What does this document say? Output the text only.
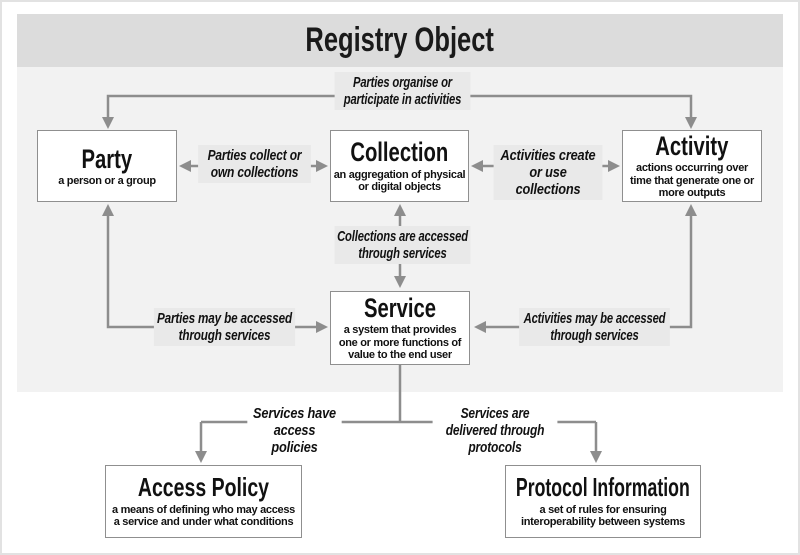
Registry Object
Parties organise or participate in activities
Parties collect or own collections
Activities create or use collections
Collections are accessed through services
Parties may be accessed through services
Activities may be accessed through services
Services have access policies
Services are delivered through protocols
Party
a person or a group
Collection
an aggregation of physical or digital objects
Activity
actions occurring over time that generate one or more outputs
Service
a system that provides one or more functions of value to the end user
Access Policy
a means of defining who may access a service and under what conditions
Protocol Information
a set of rules for ensuring interoperability between systems
